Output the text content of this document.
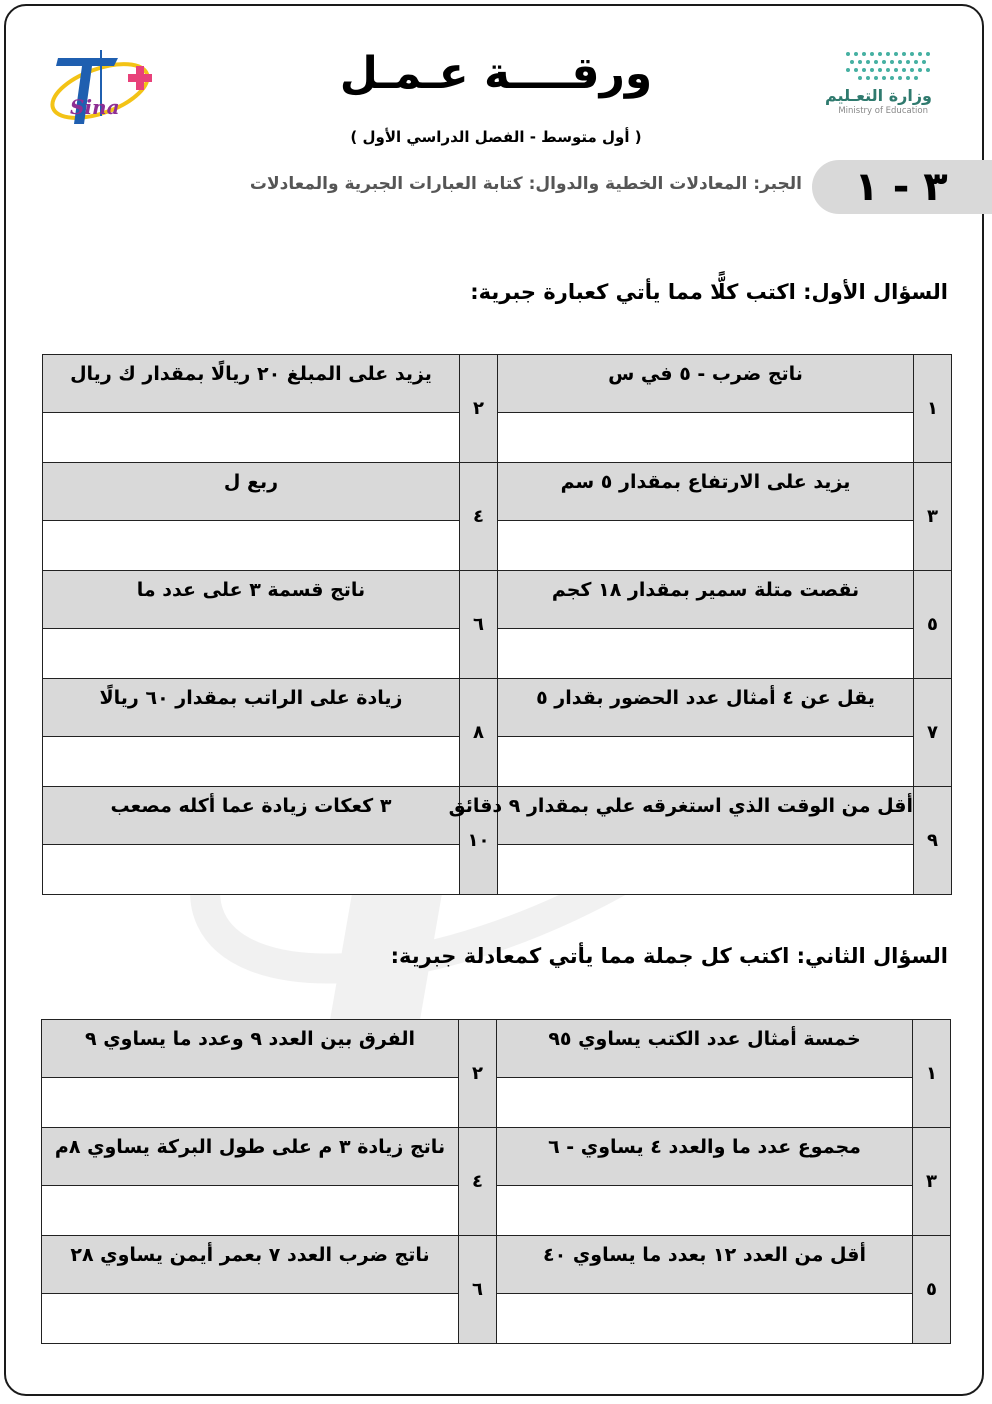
وزارة التعـليم
Ministry of Education
Sina
ورقــــة عـمـل
( أول متوسط - الفصل الدراسي الأول )
٣ - ١
الجبر: المعادلات الخطية والدوال: كتابة العبارات الجبرية والمعادلات
السؤال الأول: اكتب كلًّا مما يأتي كعبارة جبرية:
١	ناتج ضرب - ٥ في س	٢	يزيد على المبلغ ٢٠ ريالًا بمقدار ك ريال

٣	يزيد على الارتفاع بمقدار ٥ سم	٤	ربع ل

٥	نقصت متلة سمير بمقدار ١٨ كجم	٦	ناتج قسمة ٣ على عدد ما

٧	يقل عن ٤ أمثال عدد الحضور بقدار ٥	٨	زيادة على الراتب بمقدار ٦٠ ريالًا

٩	أقل من الوقت الذي استغرقه علي بمقدار ٩ دقائق	١٠	٣ كعكات زيادة عما أكله مصعب

السؤال الثاني: اكتب كل جملة مما يأتي كمعادلة جبرية:
١	خمسة أمثال عدد الكتب يساوي ٩٥	٢	الفرق بين العدد ٩ وعدد ما يساوي ٩

٣	مجموع عدد ما والعدد ٤ يساوي - ٦	٤	ناتج زيادة ٣ م على طول البركة يساوي ٨م

٥	أقل من العدد ١٢ بعدد ما يساوي ٤٠	٦	ناتج ضرب العدد ٧ بعمر أيمن يساوي ٢٨
